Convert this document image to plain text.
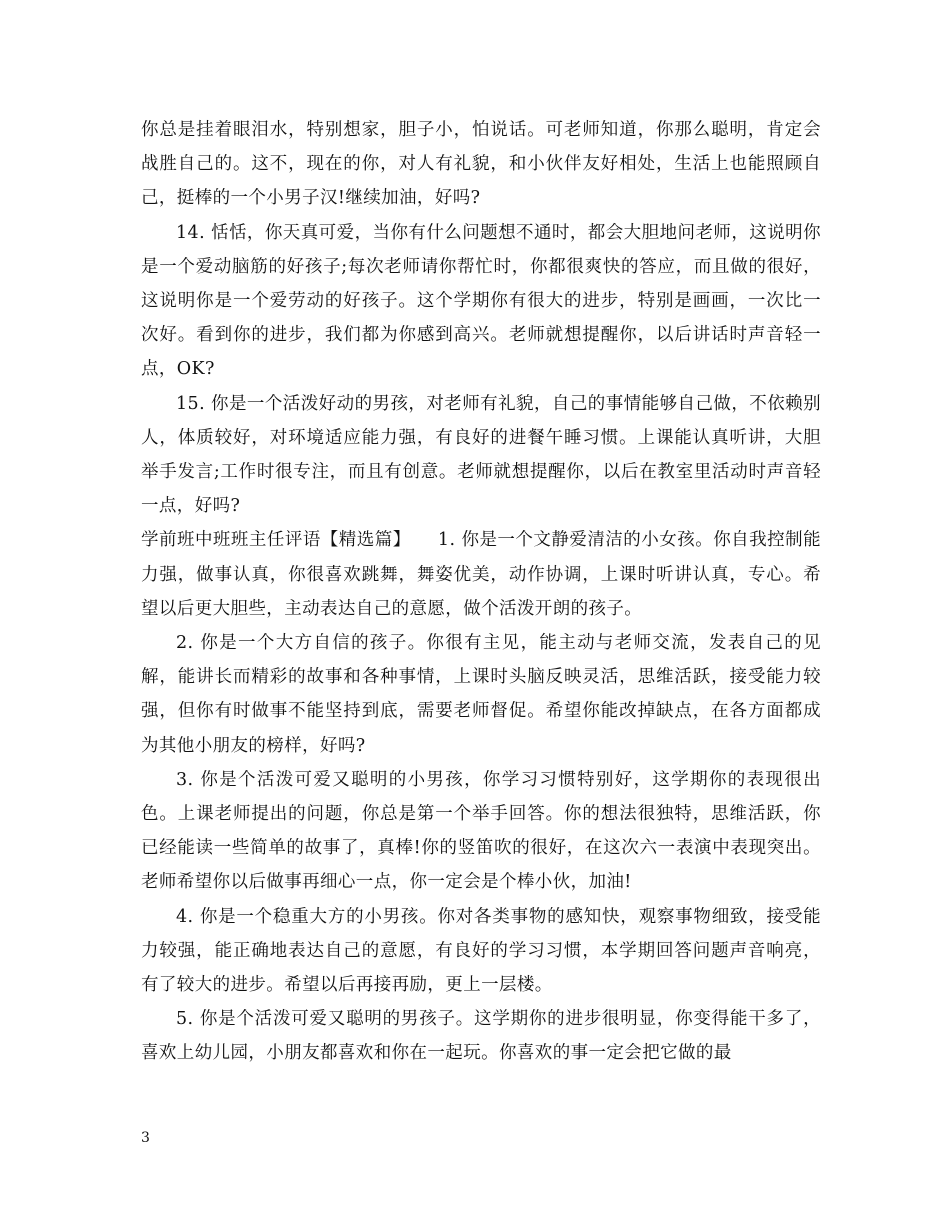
你总是挂着眼泪水，特别想家，胆子小，怕说话。可老师知道，你那么聪明，肯定会战胜自己的。这不，现在的你，对人有礼貌，和小伙伴友好相处，生活上也能照顾自己，挺棒的一个小男子汉!继续加油，好吗?

14. 恬恬，你天真可爱，当你有什么问题想不通时，都会大胆地问老师，这说明你是一个爱动脑筋的好孩子;每次老师请你帮忙时，你都很爽快的答应，而且做的很好，这说明你是一个爱劳动的好孩子。这个学期你有很大的进步，特别是画画，一次比一次好。看到你的进步，我们都为你感到高兴。老师就想提醒你，以后讲话时声音轻一点，OK?

15. 你是一个活泼好动的男孩，对老师有礼貌，自己的事情能够自己做，不依赖别人，体质较好，对环境适应能力强，有良好的进餐午睡习惯。上课能认真听讲，大胆举手发言;工作时很专注，而且有创意。老师就想提醒你，以后在教室里活动时声音轻一点，好吗?

学前班中班班主任评语【精选篇】　　1. 你是一个文静爱清洁的小女孩。你自我控制能力强，做事认真，你很喜欢跳舞，舞姿优美，动作协调，上课时听讲认真，专心。希望以后更大胆些，主动表达自己的意愿，做个活泼开朗的孩子。

2. 你是一个大方自信的孩子。你很有主见，能主动与老师交流，发表自己的见解，能讲长而精彩的故事和各种事情，上课时头脑反映灵活，思维活跃，接受能力较强，但你有时做事不能坚持到底，需要老师督促。希望你能改掉缺点，在各方面都成为其他小朋友的榜样，好吗?

3. 你是个活泼可爱又聪明的小男孩，你学习习惯特别好，这学期你的表现很出色。上课老师提出的问题，你总是第一个举手回答。你的想法很独特，思维活跃，你已经能读一些简单的故事了，真棒!你的竖笛吹的很好，在这次六一表演中表现突出。老师希望你以后做事再细心一点，你一定会是个棒小伙，加油!

4. 你是一个稳重大方的小男孩。你对各类事物的感知快，观察事物细致，接受能力较强，能正确地表达自己的意愿，有良好的学习习惯，本学期回答问题声音响亮，有了较大的进步。希望以后再接再励，更上一层楼。

5. 你是个活泼可爱又聪明的男孩子。这学期你的进步很明显，你变得能干多了，喜欢上幼儿园，小朋友都喜欢和你在一起玩。你喜欢的事一定会把它做的最

3
